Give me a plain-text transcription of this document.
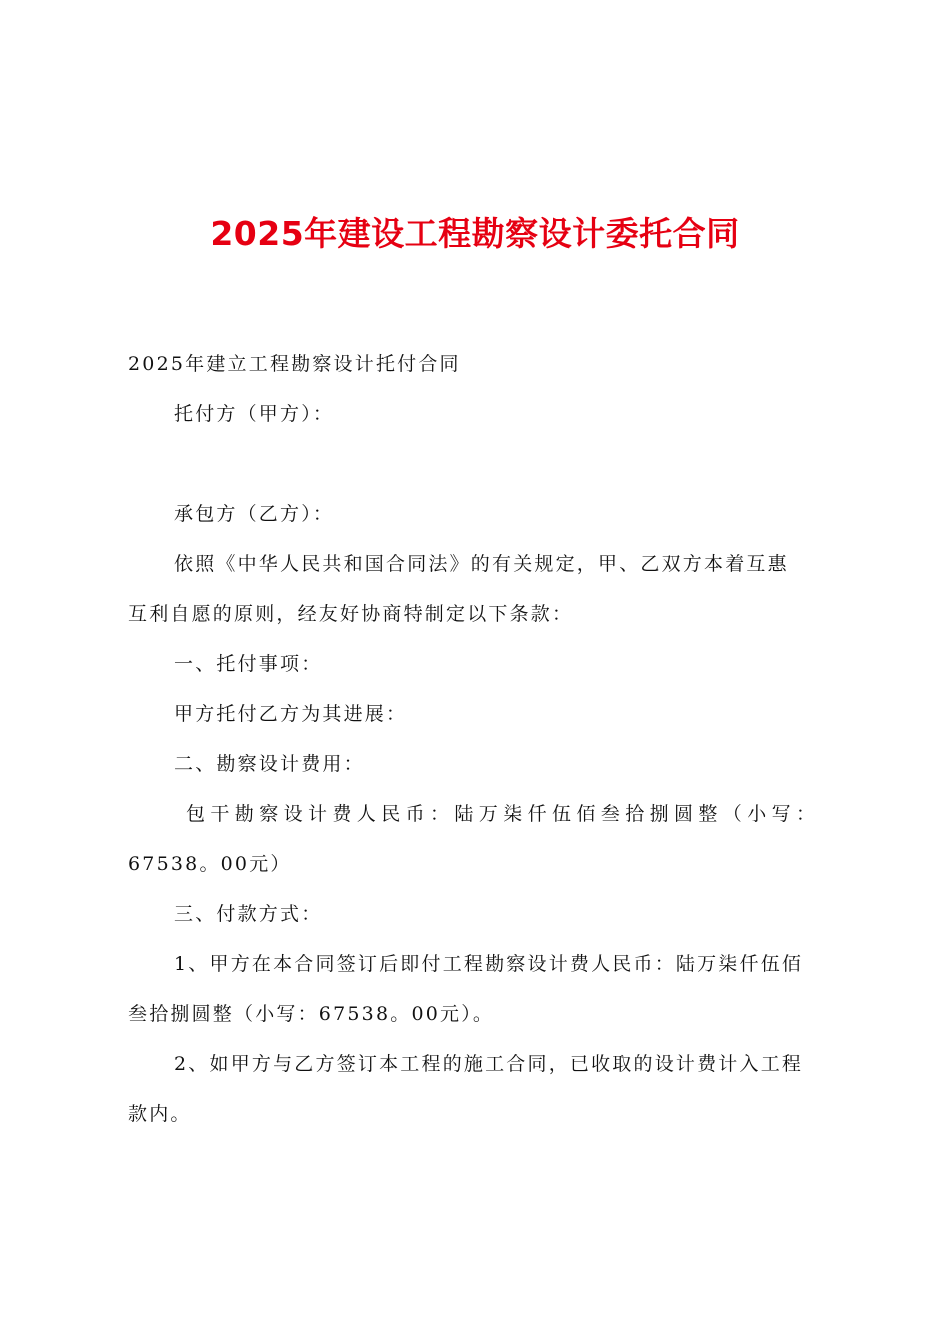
2025年建设工程勘察设计委托合同
2025年建立工程勘察设计托付合同
托付方（甲方）：
承包方（乙方）：
依照《中华人民共和国合同法》的有关规定，甲、乙双方本着互惠
互利自愿的原则，经友好协商特制定以下条款：
一、托付事项：
甲方托付乙方为其进展：
二、勘察设计费用：
包干勘察设计费人民币：陆万柒仟伍佰叁拾捌圆整（小写：
67538。00元）
三、付款方式：
1、甲方在本合同签订后即付工程勘察设计费人民币：陆万柒仟伍佰
叁拾捌圆整（小写：67538。00元）。
2、如甲方与乙方签订本工程的施工合同，已收取的设计费计入工程
款内。
